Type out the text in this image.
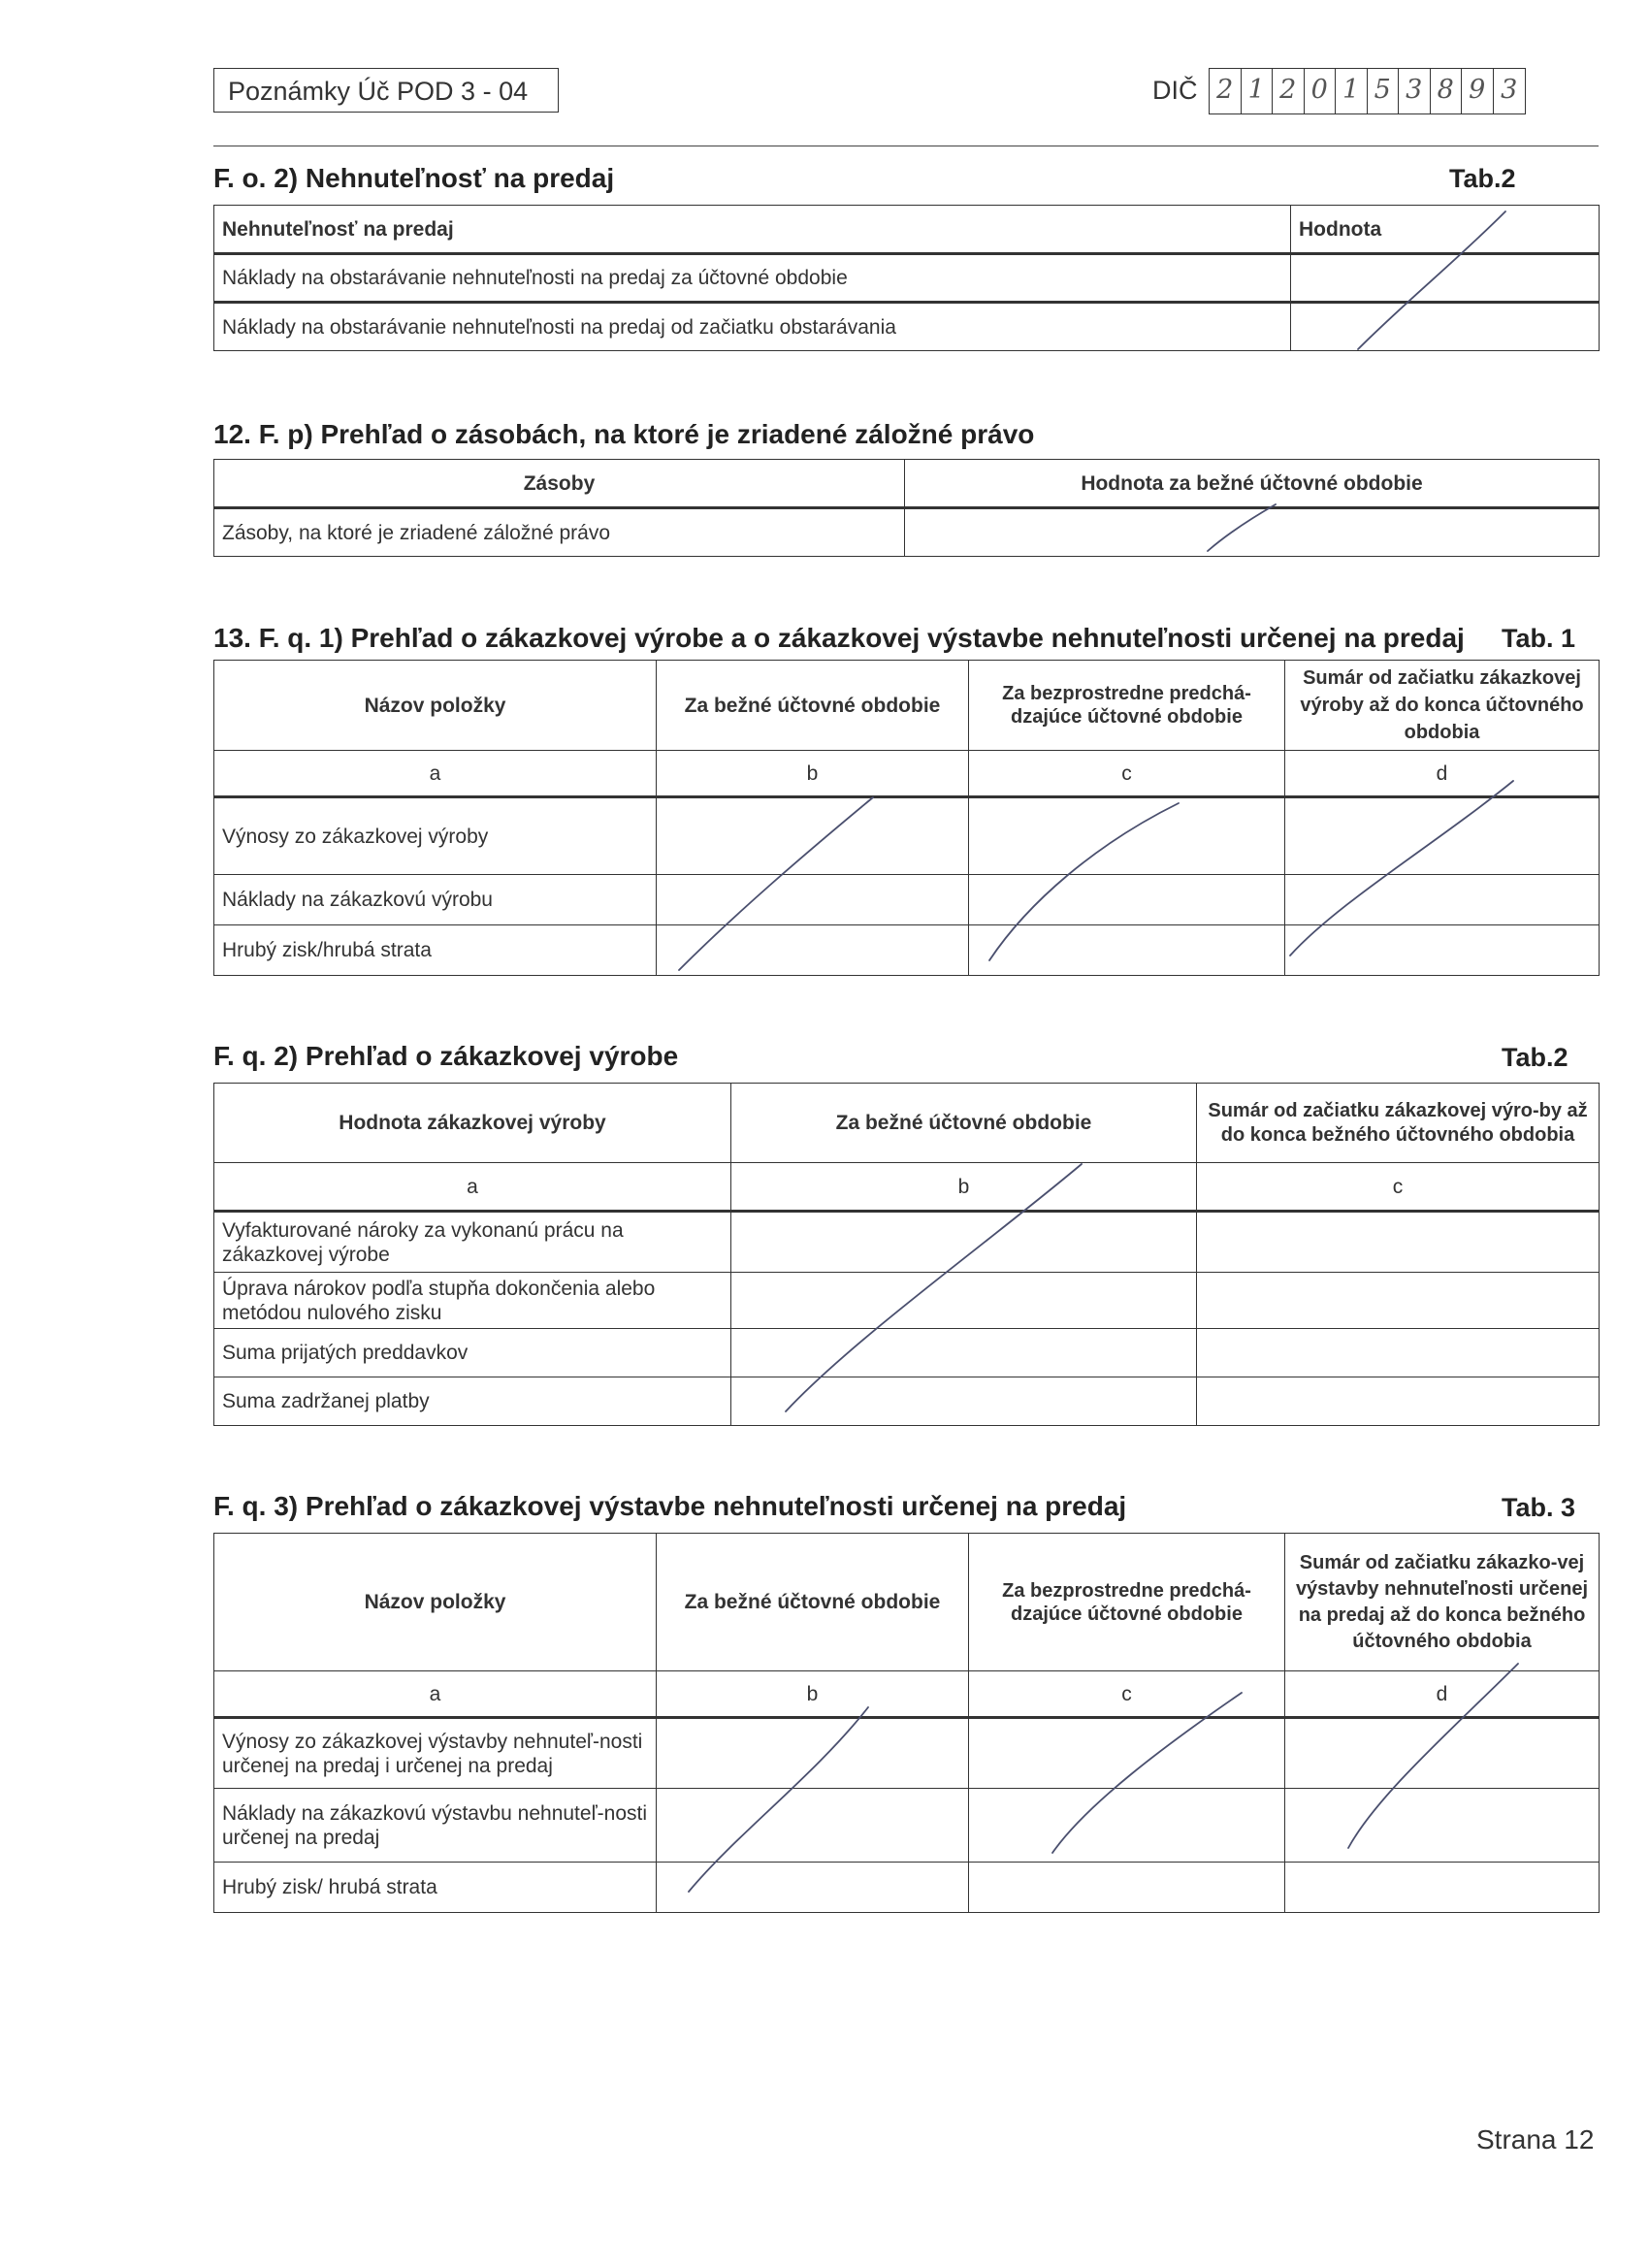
Poznámky Úč POD 3 - 04	DIČ 2 1 2 0 1 5 3 8 9 3
F. o. 2) Nehnuteľnosť na predaj	Tab.2
Nehnuteľnosť na predaj	Hodnota
Náklady na obstarávanie nehnuteľnosti na predaj za účtovné obdobie	
Náklady na obstarávanie nehnuteľnosti na predaj od začiatku obstarávania	
12. F. p) Prehľad o zásobách, na ktoré je zriadené záložné právo
Zásoby	Hodnota za bežné účtovné obdobie
Zásoby, na ktoré je zriadené záložné právo	
13. F. q. 1) Prehľad o zákazkovej výrobe a o zákazkovej výstavbe nehnuteľnosti určenej na predaj Tab. 1
Názov položky	Za bežné účtovné obdobie	Za bezprostredne predchá-dzajúce účtovné obdobie	Sumár od začiatku zákazkovej výroby až do konca účtovného obdobia
a	b	c	d
Výnosy zo zákazkovej výroby			
Náklady na zákazkovú výrobu			
Hrubý zisk/hrubá strata			
F. q. 2) Prehľad o zákazkovej výrobe	Tab.2
Hodnota zákazkovej výroby	Za bežné účtovné obdobie	Sumár od začiatku zákazkovej výro-by až do konca bežného účtovného obdobia
a	b	c
Vyfakturované nároky za vykonanú prácu na zákazkovej výrobe		
Úprava nárokov podľa stupňa dokončenia alebo metódou nulového zisku		
Suma prijatých preddavkov		
Suma zadržanej platby		
F. q. 3) Prehľad o zákazkovej výstavbe nehnuteľnosti určenej na predaj	Tab. 3
Názov položky	Za bežné účtovné obdobie	Za bezprostredne predchá-dzajúce účtovné obdobie	Sumár od začiatku zákazko-vej výstavby nehnuteľnosti určenej na predaj až do konca bežného účtovného obdobia
a	b	c	d
Výnosy zo zákazkovej výstavby nehnuteľ-nosti určenej na predaj i určenej na predaj			
Náklady na zákazkovú výstavbu nehnuteľ-nosti určenej na predaj			
Hrubý zisk/ hrubá strata			
Strana 12
